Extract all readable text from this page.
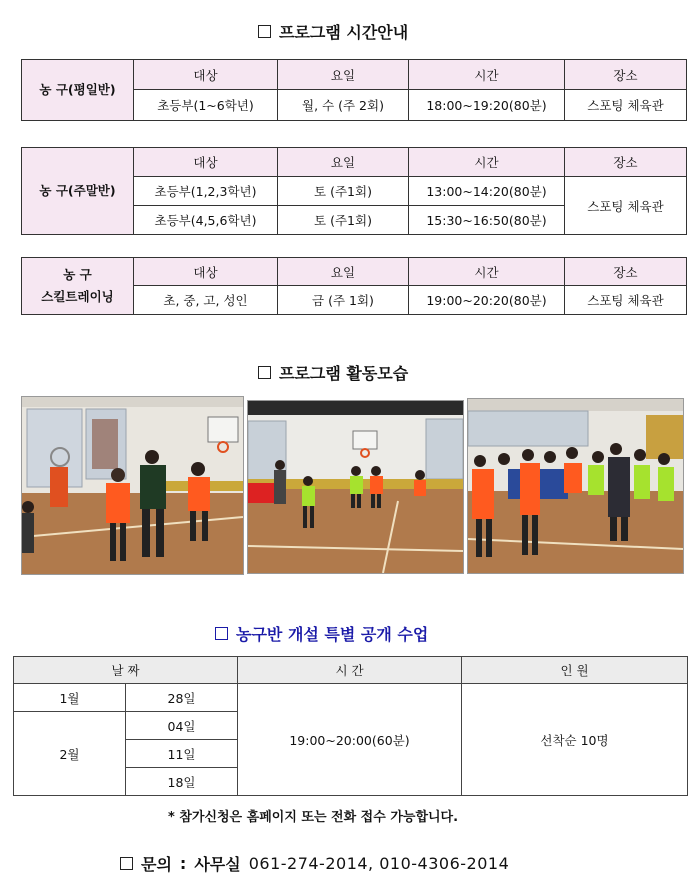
프로그램 시간안내
농 구(평일반)	대상	요일	시간	장소
	초등부(1~6학년)	월, 수 (주 2회)	18:00~19:20(80분)	스포팅 체육관
농 구(주말반)	대상	요일	시간	장소
	초등부(1,2,3학년)	토 (주1회)	13:00~14:20(80분)	스포팅 체육관
	초등부(4,5,6학년)	토 (주1회)	15:30~16:50(80분)	
농 구
스킬트레이닝	대상	요일	시간	장소
	초, 중, 고, 성인	금 (주 1회)	19:00~20:20(80분)	스포팅 체육관
프로그램 활동모습
농구반 개설 특별 공개 수업
날 짜		시 간	인 원
1월	28일	19:00~20:00(60분)	선착순 10명
2월	04일		
	11일		
	18일		
* 참가신청은 홈페이지 또는 전화 접수 가능합니다.
문의 : 사무실 061-274-2014, 010-4306-2014
